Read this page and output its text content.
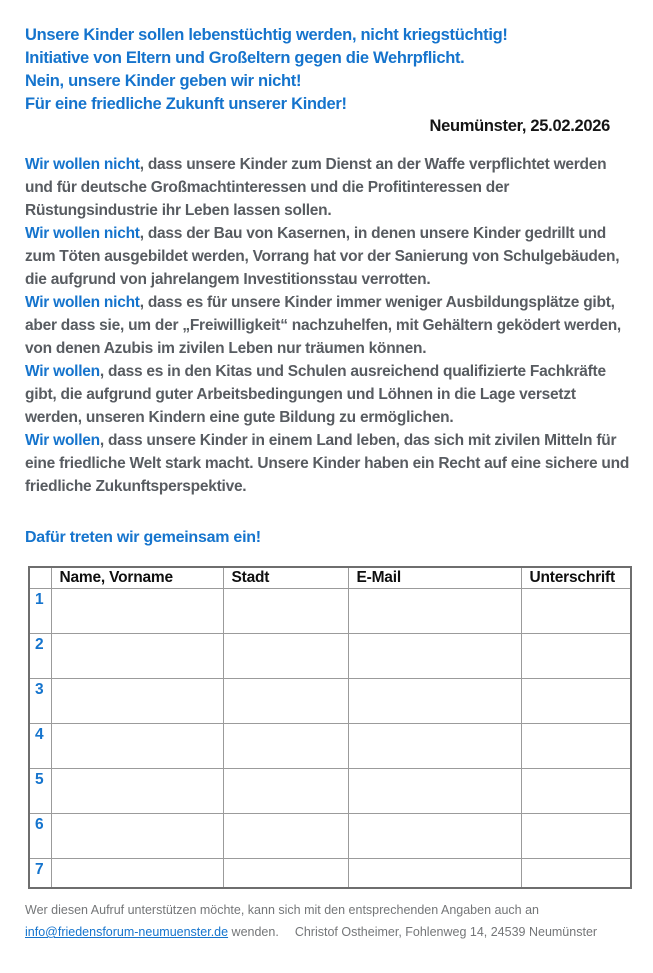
Unsere Kinder sollen lebenstüchtig werden, nicht kriegstüchtig!
Initiative von Eltern und Großeltern gegen die Wehrpflicht.
Nein, unsere Kinder geben wir nicht!
Für eine friedliche Zukunft unserer Kinder!
Neumünster, 25.02.2026

Wir wollen nicht, dass unsere Kinder zum Dienst an der Waffe verpflichtet werden und für deutsche Großmachtinteressen und die Profitinteressen der Rüstungsindustrie ihr Leben lassen sollen.

Wir wollen nicht, dass der Bau von Kasernen, in denen unsere Kinder gedrillt und zum Töten ausgebildet werden, Vorrang hat vor der Sanierung von Schulgebäuden, die aufgrund von jahrelangem Investitionsstau verrotten.

Wir wollen nicht, dass es für unsere Kinder immer weniger Ausbildungsplätze gibt, aber dass sie, um der „Freiwilligkeit“ nachzuhelfen, mit Gehältern geködert werden, von denen Azubis im zivilen Leben nur träumen können.

Wir wollen, dass es in den Kitas und Schulen ausreichend qualifizierte Fachkräfte gibt, die aufgrund guter Arbeitsbedingungen und Löhnen in die Lage versetzt werden, unseren Kindern eine gute Bildung zu ermöglichen.

Wir wollen, dass unsere Kinder in einem Land leben, das sich mit zivilen Mitteln für eine friedliche Welt stark macht. Unsere Kinder haben ein Recht auf eine sichere und friedliche Zukunftsperspektive.

Dafür treten wir gemeinsam ein!

	Name, Vorname	Stadt	E-Mail	Unterschrift
1				
2				
3				
4				
5				
6				
7				
Wer diesen Aufruf unterstützen möchte, kann sich mit den entsprechenden Angaben auch an
info@friedensforum-neumuenster.de wenden. Christof Ostheimer, Fohlenweg 14, 24539 Neumünster
